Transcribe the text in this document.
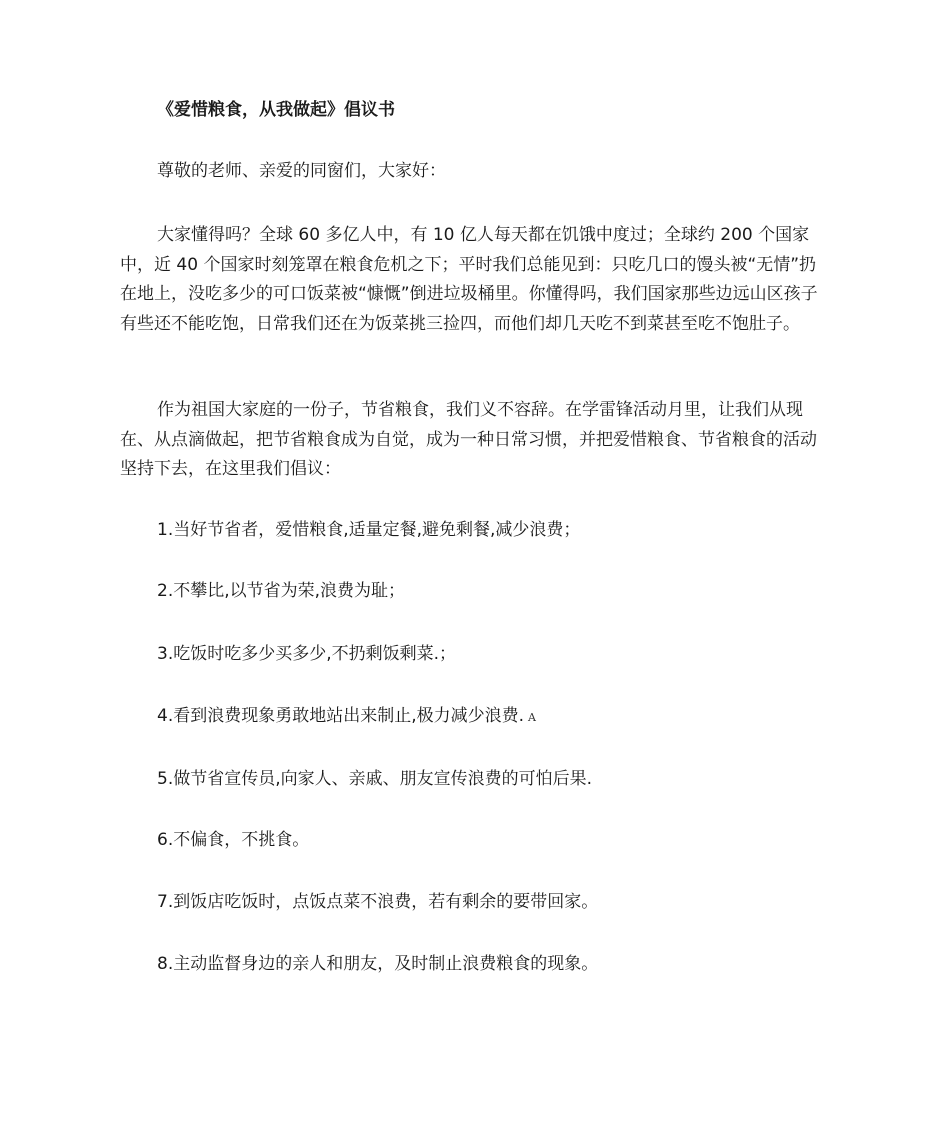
《爱惜粮食，从我做起》倡议书

尊敬的老师、亲爱的同窗们，大家好：

大家懂得吗？全球 60 多亿人中，有 10 亿人每天都在饥饿中度过；全球约 200 个国家中，近 40 个国家时刻笼罩在粮食危机之下；平时我们总能见到：只吃几口的馒头被“无情”扔在地上，没吃多少的可口饭菜被“慷慨”倒进垃圾桶里。你懂得吗，我们国家那些边远山区孩子有些还不能吃饱，日常我们还在为饭菜挑三捡四，而他们却几天吃不到菜甚至吃不饱肚子。

作为祖国大家庭的一份子，节省粮食，我们义不容辞。在学雷锋活动月里，让我们从现在、从点滴做起，把节省粮食成为自觉，成为一种日常习惯，并把爱惜粮食、节省粮食的活动坚持下去，在这里我们倡议：

1.当好节省者，爱惜粮食,适量定餐,避免剩餐,减少浪费；

2.不攀比,以节省为荣,浪费为耻；

3.吃饭时吃多少买多少,不扔剩饭剩菜.；

4.看到浪费现象勇敢地站出来制止,极力减少浪费. A

5.做节省宣传员,向家人、亲戚、朋友宣传浪费的可怕后果.

6.不偏食，不挑食。

7.到饭店吃饭时，点饭点菜不浪费，若有剩余的要带回家。

8.主动监督身边的亲人和朋友，及时制止浪费粮食的现象。
